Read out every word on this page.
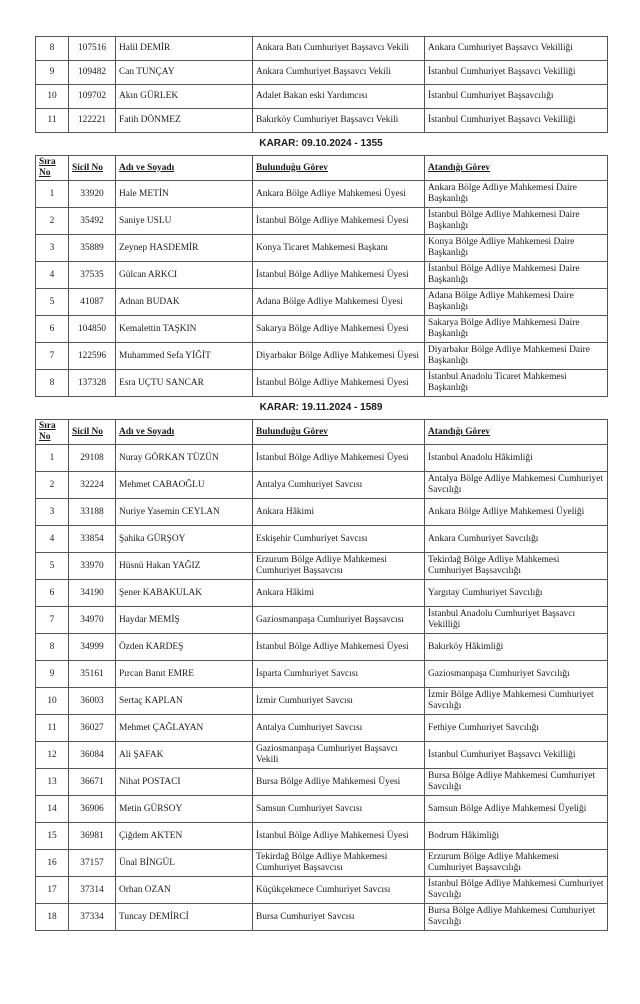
8	107516	Halil DEMİR	Ankara Batı Cumhuriyet Başsavcı Vekili	Ankara Cumhuriyet Başsavcı Vekilliği
9	109482	Can TUNÇAY	Ankara Cumhuriyet Başsavcı Vekili	İstanbul Cumhuriyet Başsavcı Vekilliği
10	109702	Akın GÜRLEK	Adalet Bakan eski Yardımcısı	İstanbul Cumhuriyet Başsavcılığı
11	122221	Fatih DÖNMEZ	Bakırköy Cumhuriyet Başsavcı Vekili	İstanbul Cumhuriyet Başsavcı Vekilliği
KARAR: 09.10.2024 - 1355
Sıra No	Sicil No	Adı ve Soyadı	Bulunduğu Görev	Atandığı Görev
1	33920	Hale METİN	Ankara Bölge Adliye Mahkemesi Üyesi	Ankara Bölge Adliye Mahkemesi Daire Başkanlığı
2	35492	Saniye USLU	İstanbul Bölge Adliye Mahkemesi Üyesi	İstanbul Bölge Adliye Mahkemesi Daire Başkanlığı
3	35889	Zeynep HASDEMİR	Konya Ticaret Mahkemesi Başkanı	Konya Bölge Adliye Mahkemesi Daire Başkanlığı
4	37535	Gülcan ARKCI	İstanbul Bölge Adliye Mahkemesi Üyesi	İstanbul Bölge Adliye Mahkemesi Daire Başkanlığı
5	41087	Adnan BUDAK	Adana Bölge Adliye Mahkemesi Üyesi	Adana Bölge Adliye Mahkemesi Daire Başkanlığı
6	104850	Kemalettin TAŞKIN	Sakarya Bölge Adliye Mahkemesi Üyesi	Sakarya Bölge Adliye Mahkemesi Daire Başkanlığı
7	122596	Muhammed Sefa YİĞİT	Diyarbakır Bölge Adliye Mahkemesi Üyesi	Diyarbakır Bölge Adliye Mahkemesi Daire Başkanlığı
8	137328	Esra UÇTU SANCAR	İstanbul Bölge Adliye Mahkemesi Üyesi	İstanbul Anadolu Ticaret Mahkemesi Başkanlığı
KARAR: 19.11.2024 - 1589
Sıra No	Sicil No	Adı ve Soyadı	Bulunduğu Görev	Atandığı Görev
1	29108	Nuray GÖRKAN TÜZÜN	İstanbul Bölge Adliye Mahkemesi Üyesi	İstanbul Anadolu Hâkimliği
2	32224	Mehmet CABAOĞLU	Antalya Cumhuriyet Savcısı	Antalya Bölge Adliye Mahkemesi Cumhuriyet Savcılığı
3	33188	Nuriye Yasemin CEYLAN	Ankara Hâkimi	Ankara Bölge Adliye Mahkemesi Üyeliği
4	33854	Şahika GÜRŞOY	Eskişehir Cumhuriyet Savcısı	Ankara Cumhuriyet Savcılığı
5	33970	Hüsnü Hakan YAĞIZ	Erzurum Bölge Adliye Mahkemesi Cumhuriyet Başsavcısı	Tekirdağ Bölge Adliye Mahkemesi Cumhuriyet Başsavcılığı
6	34190	Şener KABAKULAK	Ankara Hâkimi	Yargıtay Cumhuriyet Savcılığı
7	34970	Haydar MEMİŞ	Gaziosmanpaşa Cumhuriyet Başsavcısı	İstanbul Anadolu Cumhuriyet Başsavcı Vekilliği
8	34999	Özden KARDEŞ	İstanbul Bölge Adliye Mahkemesi Üyesi	Bakırköy Hâkimliği
9	35161	Pırcan Banıt EMRE	İsparta Cumhuriyet Savcısı	Gaziosmanpaşa Cumhuriyet Savcılığı
10	36003	Sertaç KAPLAN	İzmir Cumhuriyet Savcısı	İzmir Bölge Adliye Mahkemesi Cumhuriyet Savcılığı
11	36027	Mehmet ÇAĞLAYAN	Antalya Cumhuriyet Savcısı	Fethiye Cumhuriyet Savcılığı
12	36084	Ali ŞAFAK	Gaziosmanpaşa Cumhuriyet Başsavcı Vekili	İstanbul Cumhuriyet Başsavcı Vekilliği
13	36671	Nihat POSTACI	Bursa Bölge Adliye Mahkemesi Üyesi	Bursa Bölge Adliye Mahkemesi Cumhuriyet Savcılığı
14	36906	Metin GÜRSOY	Samsun Cumhuriyet Savcısı	Samsun Bölge Adliye Mahkemesi Üyeliği
15	36981	Çiğdem AKTEN	İstanbul Bölge Adliye Mahkemesi Üyesi	Bodrum Hâkimliği
16	37157	Ünal BİNGÜL	Tekirdağ Bölge Adliye Mahkemesi Cumhuriyet Başsavcısı	Erzurum Bölge Adliye Mahkemesi Cumhuriyet Başsavcılığı
17	37314	Orhan OZAN	Küçükçekmece Cumhuriyet Savcısı	İstanbul Bölge Adliye Mahkemesi Cumhuriyet Savcılığı
18	37334	Tuncay DEMİRCİ	Bursa Cumhuriyet Savcısı	Bursa Bölge Adliye Mahkemesi Cumhuriyet Savcılığı
